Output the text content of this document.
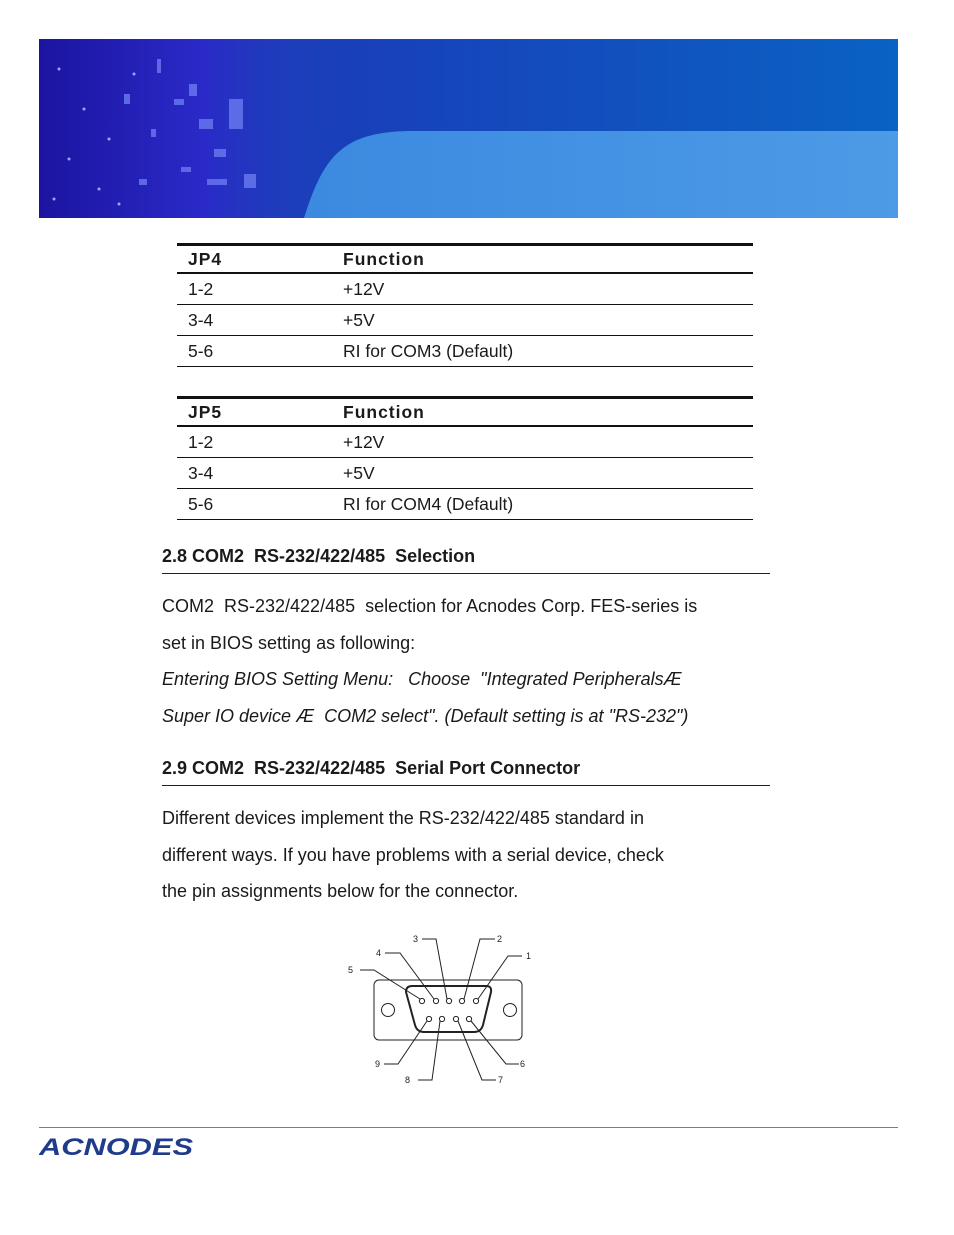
JP4	Function
1-2	+12V
3-4	+5V
5-6	RI for COM3 (Default)
JP5	Function
1-2	+12V
3-4	+5V
5-6	RI for COM4 (Default)
2.8 COM2  RS-232/422/485  Selection

COM2  RS-232/422/485  selection for Acnodes Corp. FES-series is
set in BIOS setting as following:
Entering BIOS Setting Menu:   Choose  "Integrated PeripheralsÆ
Super IO device Æ  COM2 select". (Default setting is at "RS-232")

2.9 COM2  RS-232/422/485  Serial Port Connector

Different devices implement the RS-232/422/485 standard in
different ways. If you have problems with a serial device, check
the pin assignments below for the connector.

1
2
3
4
5
6
7
8
9
ACNODES
